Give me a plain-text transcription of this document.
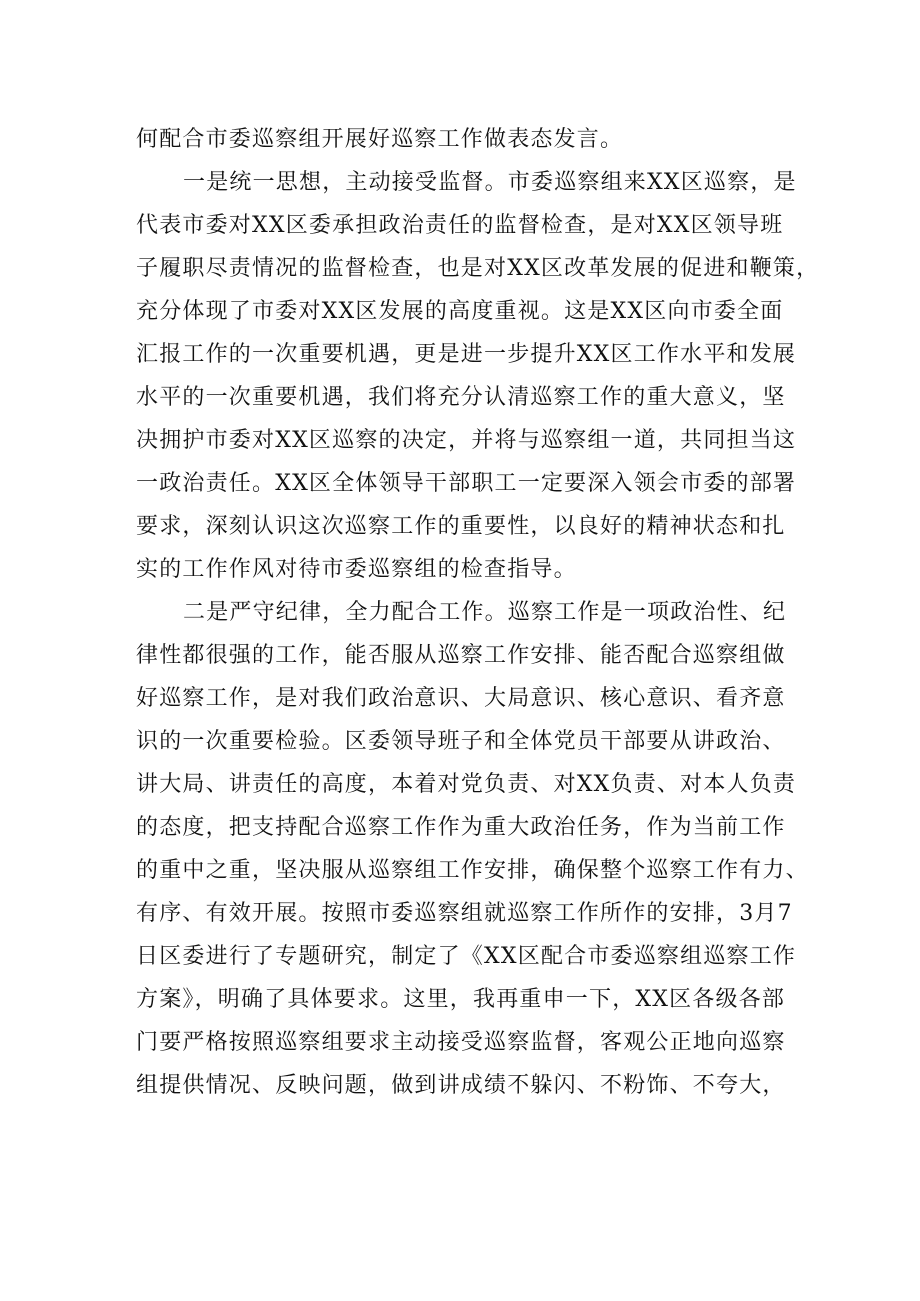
何配合市委巡察组开展好巡察工作做表态发言。
一是统一思想，主动接受监督。市委巡察组来XX区巡察，是
代表市委对XX区委承担政治责任的监督检查，是对XX区领导班
子履职尽责情况的监督检查，也是对XX区改革发展的促进和鞭策，
充分体现了市委对XX区发展的高度重视。这是XX区向市委全面
汇报工作的一次重要机遇，更是进一步提升XX区工作水平和发展
水平的一次重要机遇，我们将充分认清巡察工作的重大意义，坚
决拥护市委对XX区巡察的决定，并将与巡察组一道，共同担当这
一政治责任。XX区全体领导干部职工一定要深入领会市委的部署
要求，深刻认识这次巡察工作的重要性，以良好的精神状态和扎
实的工作作风对待市委巡察组的检查指导。
二是严守纪律，全力配合工作。巡察工作是一项政治性、纪
律性都很强的工作，能否服从巡察工作安排、能否配合巡察组做
好巡察工作，是对我们政治意识、大局意识、核心意识、看齐意
识的一次重要检验。区委领导班子和全体党员干部要从讲政治、
讲大局、讲责任的高度，本着对党负责、对XX负责、对本人负责
的态度，把支持配合巡察工作作为重大政治任务，作为当前工作
的重中之重，坚决服从巡察组工作安排，确保整个巡察工作有力、
有序、有效开展。按照市委巡察组就巡察工作所作的安排，3月7
日区委进行了专题研究，制定了《XX区配合市委巡察组巡察工作
方案》，明确了具体要求。这里，我再重申一下，XX区各级各部
门要严格按照巡察组要求主动接受巡察监督，客观公正地向巡察
组提供情况、反映问题，做到讲成绩不躲闪、不粉饰、不夸大，
